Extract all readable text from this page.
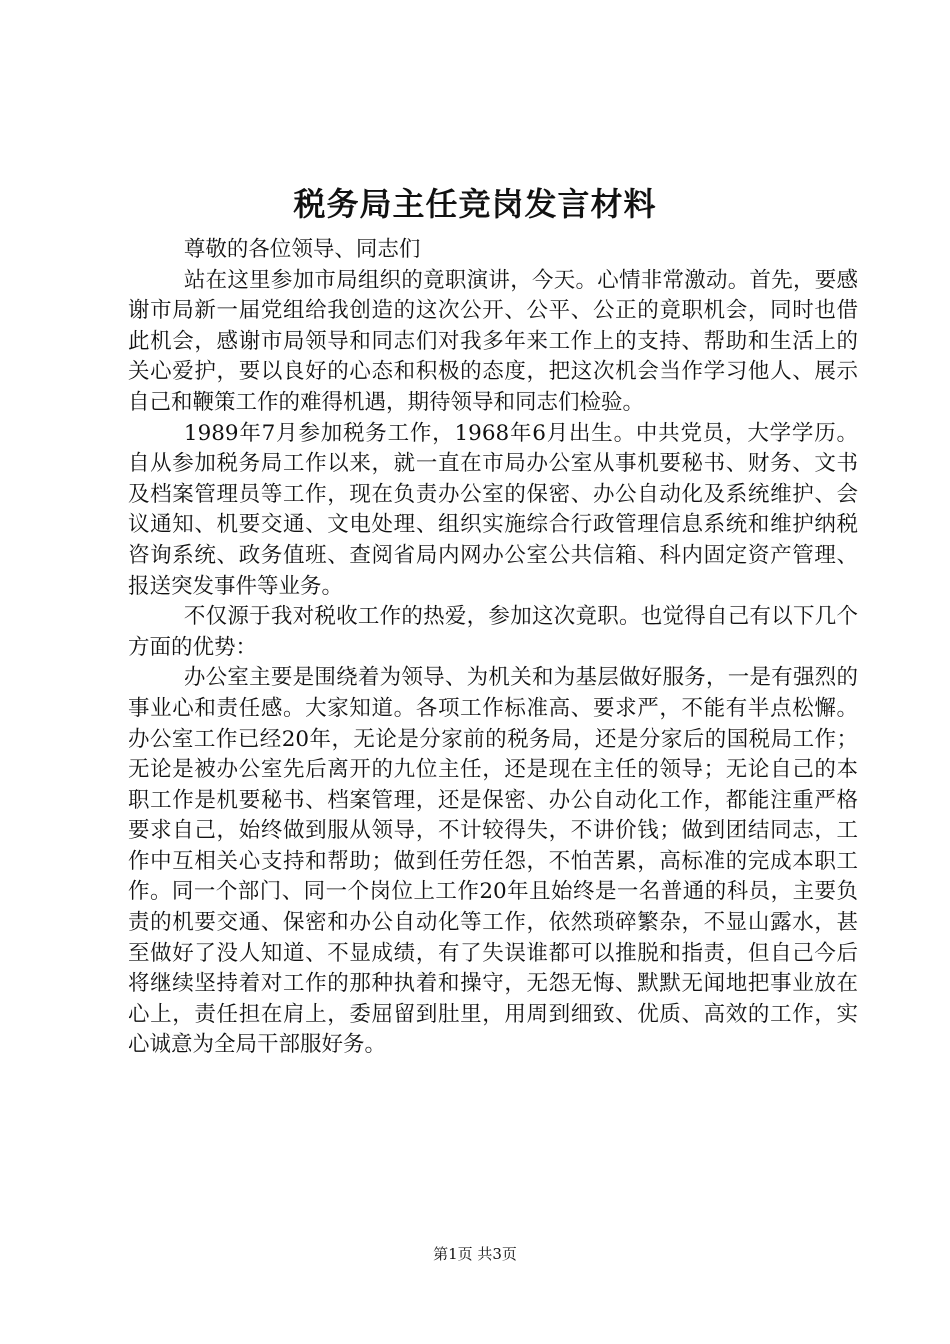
税务局主任竞岗发言材料

尊敬的各位领导、同志们

站在这里参加市局组织的竟职演讲，今天。心情非常激动。首先，要感谢市局新一届党组给我创造的这次公开、公平、公正的竟职机会，同时也借此机会，感谢市局领导和同志们对我多年来工作上的支持、帮助和生活上的关心爱护，要以良好的心态和积极的态度，把这次机会当作学习他人、展示自己和鞭策工作的难得机遇，期待领导和同志们检验。

1989年7月参加税务工作，1968年6月出生。中共党员，大学学历。自从参加税务局工作以来，就一直在市局办公室从事机要秘书、财务、文书及档案管理员等工作，现在负责办公室的保密、办公自动化及系统维护、会议通知、机要交通、文电处理、组织实施综合行政管理信息系统和维护纳税咨询系统、政务值班、查阅省局内网办公室公共信箱、科内固定资产管理、报送突发事件等业务。

不仅源于我对税收工作的热爱，参加这次竟职。也觉得自己有以下几个方面的优势：

办公室主要是围绕着为领导、为机关和为基层做好服务，一是有强烈的事业心和责任感。大家知道。各项工作标准高、要求严，不能有半点松懈。办公室工作已经20年，无论是分家前的税务局，还是分家后的国税局工作；无论是被办公室先后离开的九位主任，还是现在主任的领导；无论自己的本职工作是机要秘书、档案管理，还是保密、办公自动化工作，都能注重严格要求自己，始终做到服从领导，不计较得失，不讲价钱；做到团结同志，工作中互相关心支持和帮助；做到任劳任怨，不怕苦累，高标准的完成本职工作。同一个部门、同一个岗位上工作20年且始终是一名普通的科员，主要负责的机要交通、保密和办公自动化等工作，依然琐碎繁杂，不显山露水，甚至做好了没人知道、不显成绩，有了失误谁都可以推脱和指责，但自己今后将继续坚持着对工作的那种执着和操守，无怨无悔、默默无闻地把事业放在心上，责任担在肩上，委屈留到肚里，用周到细致、优质、高效的工作，实心诚意为全局干部服好务。

第1页 共3页
